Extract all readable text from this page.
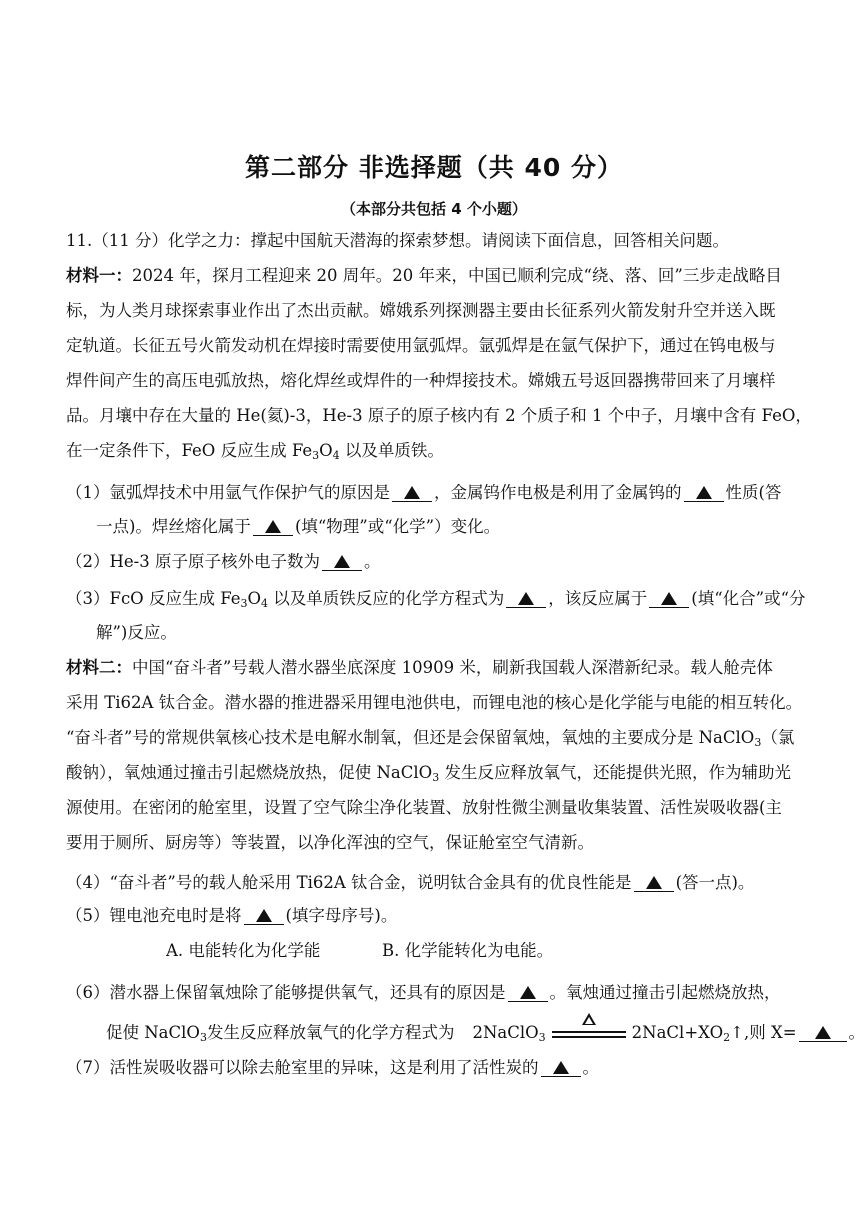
第二部分 非选择题（共 40 分）
（本部分共包括 4 个小题）
11.（11 分）化学之力：撑起中国航天潜海的探索梦想。请阅读下面信息，回答相关问题。
材料一：2024 年，探月工程迎来 20 周年。20 年来，中国已顺利完成“绕、落、回”三步走战略目
标，为人类月球探索事业作出了杰出贡献。嫦娥系列探测器主要由长征系列火箭发射升空并送入既
定轨道。长征五号火箭发动机在焊接时需要使用氩弧焊。氩弧焊是在氩气保护下，通过在钨电极与
焊件间产生的高压电弧放热，熔化焊丝或焊件的一种焊接技术。嫦娥五号返回器携带回来了月壤样
品。月壤中存在大量的 He(氦)-3，He-3 原子的原子核内有 2 个质子和 1 个中子，月壤中含有 FeO，
在一定条件下，FeO 反应生成 $Fe_3O_4$ 以及单质铁。
（1）氩弧焊技术中用氩气作保护气的原因是	，金属钨作电极是利用了金属钨的	性质(答
一点)。焊丝熔化属于	(填“物理”或“化学”）变化。
（2）He-3 原子原子核外电子数为	。
（3）FcO 反应生成 $Fe_3O_4$ 以及单质铁反应的化学方程式为	，该反应属于	(填“化合”或“分
解”)反应。
材料二：中国“奋斗者”号载人潜水器坐底深度 10909 米，刷新我国载人深潜新纪录。载人舱壳体
采用 Ti62A 钛合金。潜水器的推进器采用锂电池供电，而锂电池的核心是化学能与电能的相互转化。
“奋斗者”号的常规供氧核心技术是电解水制氧，但还是会保留氧烛，氧烛的主要成分是 NaClO$_3$（氯
酸钠），氧烛通过撞击引起燃烧放热，促使 NaClO$_3$ 发生反应释放氧气，还能提供光照，作为辅助光
源使用。在密闭的舱室里，设置了空气除尘净化装置、放射性微尘测量收集装置、活性炭吸收器(主
要用于厕所、厨房等）等装置，以净化浑浊的空气，保证舱室空气清新。
（4）“奋斗者”号的载人舱采用 Ti62A 钛合金，说明钛合金具有的优良性能是	(答一点)。
（5）锂电池充电时是将	(填字母序号)。
A. 电能转化为化学能	B. 化学能转化为电能。
（6）潜水器上保留氧烛除了能够提供氧气，还具有的原因是	。氧烛通过撞击引起燃烧放热，
促使 NaClO$_3$发生反应释放氧气的化学方程式为 2NaClO$_3$	$2NaCl+XO_2↑$,则 X=	。
（7）活性炭吸收器可以除去舱室里的异味，这是利用了活性炭的	。
